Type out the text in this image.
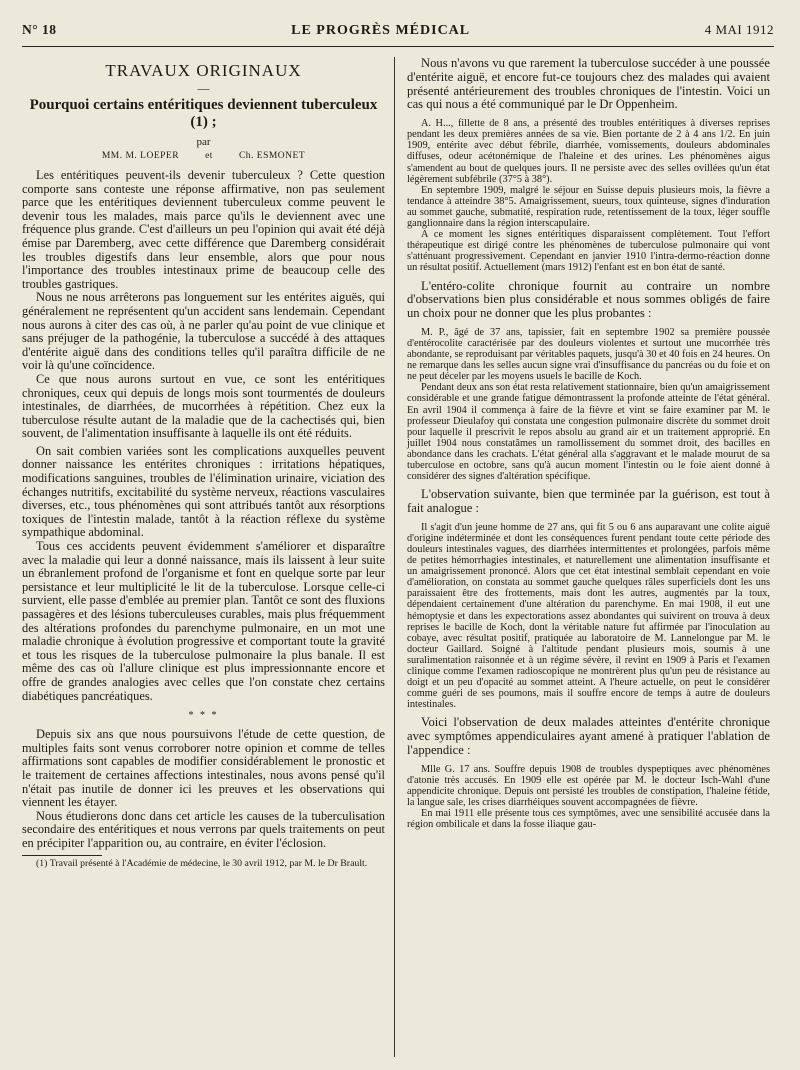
N° 18	LE PROGRÈS MÉDICAL	4 MAI 1912
TRAVAUX ORIGINAUX
—
Pourquoi certains entéritiques deviennent tuberculeux (1) ;
par
MM. M. LOEPER	et	Ch. ESMONET

Les entéritiques peuvent-ils devenir tuberculeux ? Cette question comporte sans conteste une réponse affirmative, non pas seulement parce que les entéritiques deviennent tuberculeux comme peuvent le devenir tous les malades, mais parce qu'ils le deviennent avec une fréquence plus grande. C'est d'ailleurs un peu l'opinion qui avait été déjà émise par Daremberg, avec cette différence que Daremberg considérait les troubles digestifs dans leur ensemble, alors que pour nous l'importance des troubles intestinaux prime de beaucoup celle des troubles gastriques.

Nous ne nous arrêterons pas longuement sur les entérites aiguës, qui généralement ne représentent qu'un accident sans lendemain. Cependant nous aurons à citer des cas où, à ne parler qu'au point de vue clinique et sans préjuger de la pathogénie, la tuberculose a succédé à des attaques d'entérite aiguë dans des conditions telles qu'il paraîtra difficile de ne voir là qu'une coïncidence.

Ce que nous aurons surtout en vue, ce sont les entéritiques chroniques, ceux qui depuis de longs mois sont tourmentés de douleurs intestinales, de diarrhées, de mucorrhées à répétition. Chez eux la tuberculose résulte autant de la maladie que de la cachectisés qui, bien souvent, de l'alimentation insuffisante à laquelle ils ont été réduits.

On sait combien variées sont les complications auxquelles peuvent donner naissance les entérites chroniques : irritations hépatiques, modifications sanguines, troubles de l'élimination urinaire, viciation des échanges nutritifs, excitabilité du système nerveux, réactions vasculaires diverses, etc., tous phénomènes qui sont attribués tantôt aux résorptions toxiques de l'intestin malade, tantôt à la réaction réflexe du système sympathique abdominal.

Tous ces accidents peuvent évidemment s'améliorer et disparaître avec la maladie qui leur a donné naissance, mais ils laissent à leur suite un ébranlement profond de l'organisme et font en quelque sorte par leur persistance et leur multiplicité le lit de la tuberculose. Lorsque celle-ci survient, elle passe d'emblée au premier plan. Tantôt ce sont des fluxions passagères et des lésions tuberculeuses curables, mais plus fréquemment des altérations profondes du parenchyme pulmonaire, en un mot une maladie chronique à évolution progressive et comportant toute la gravité et tous les risques de la tuberculose pulmonaire la plus banale. Il est même des cas où l'allure clinique est plus impressionnante encore et offre de grandes analogies avec celles que l'on constate chez certains diabétiques pancréatiques.

* * *

Depuis six ans que nous poursuivons l'étude de cette question, de multiples faits sont venus corroborer notre opinion et comme de telles affirmations sont capables de modifier considérablement le pronostic et le traitement de certaines affections intestinales, nous avons pensé qu'il n'était pas inutile de donner ici les preuves et les observations qui viennent les étayer.

Nous étudierons donc dans cet article les causes de la tuberculisation secondaire des entéritiques et nous verrons par quels traitements on peut en précipiter l'apparition ou, au contraire, en éviter l'éclosion.

(1) Travail présenté à l'Académie de médecine, le 30 avril 1912, par M. le Dr Brault.

Nous n'avons vu que rarement la tuberculose succéder à une poussée d'entérite aiguë, et encore fut-ce toujours chez des malades qui avaient présenté antérieurement des troubles chroniques de l'intestin. Voici un cas qui nous a été communiqué par le Dr Oppenheim.

A. H..., fillette de 8 ans, a présenté des troubles entéritiques à diverses reprises pendant les deux premières années de sa vie. Bien portante de 2 à 4 ans 1/2. En juin 1909, entérite avec début fébrile, diarrhée, vomissements, douleurs abdominales diffuses, odeur acétonémique de l'haleine et des urines. Les phénomènes aigus s'amendent au bout de quelques jours. Il ne persiste avec des selles ovillées qu'un état légèrement subfébrile (37°5 à 38°).

En septembre 1909, malgré le séjour en Suisse depuis plusieurs mois, la fièvre a tendance à atteindre 38°5. Amaigrissement, sueurs, toux quinteuse, signes d'induration au sommet gauche, submatité, respiration rude, retentissement de la toux, léger souffle ganglionnaire dans la région interscapulaire.

A ce moment les signes entéritiques disparaissent complètement. Tout l'effort thérapeutique est dirigé contre les phénomènes de tuberculose pulmonaire qui vont s'atténuant progressivement. Cependant en janvier 1910 l'intra-dermo-réaction donne un résultat positif. Actuellement (mars 1912) l'enfant est en bon état de santé.

L'entéro-colite chronique fournit au contraire un nombre d'observations bien plus considérable et nous sommes obligés de faire un choix pour ne donner que les plus probantes :

M. P., âgé de 37 ans, tapissier, fait en septembre 1902 sa première poussée d'entérocolite caractérisée par des douleurs violentes et surtout une mucorrhée très abondante, se reproduisant par véritables paquets, jusqu'à 30 et 40 fois en 24 heures. On ne remarque dans les selles aucun signe vrai d'insuffisance du pancréas ou du foie et on ne peut déceler par les moyens usuels le bacille de Koch.

Pendant deux ans son état resta relativement stationnaire, bien qu'un amaigrissement considérable et une grande fatigue démontrassent la profonde atteinte de l'état général. En avril 1904 il commença à faire de la fièvre et vint se faire examiner par M. le professeur Dieulafoy qui constata une congestion pulmonaire discrète du sommet droit pour laquelle il prescrivit le repos absolu au grand air et un traitement approprié. En juillet 1904 nous constatâmes un ramollissement du sommet droit, des bacilles en abondance dans les crachats. L'état général alla s'aggravant et le malade mourut de sa tuberculose en octobre, sans qu'à aucun moment l'intestin ou le foie aient donné à considérer des signes d'altération spécifique.

L'observation suivante, bien que terminée par la guérison, est tout à fait analogue :

Il s'agit d'un jeune homme de 27 ans, qui fit 5 ou 6 ans auparavant une colite aiguë d'origine indéterminée et dont les conséquences furent pendant toute cette période des douleurs intestinales vagues, des diarrhées intermittentes et prolongées, parfois même de petites hémorrhagies intestinales, et naturellement une alimentation insuffisante et un amaigrissement prononcé. Alors que cet état intestinal semblait cependant en voie d'amélioration, on constata au sommet gauche quelques râles superficiels dont les uns paraissaient être des frottements, mais dont les autres, augmentés par la toux, dépendaient certainement d'une altération du parenchyme. En mai 1908, il eut une hémoptysie et dans les expectorations assez abondantes qui suivirent on trouva à deux reprises le bacille de Koch, dont la véritable nature fut affirmée par l'inoculation au cobaye, avec résultat positif, pratiquée au laboratoire de M. Lannelongue par M. le docteur Gaillard. Soigné à l'altitude pendant plusieurs mois, soumis à une suralimentation raisonnée et à un régime sévère, il revint en 1909 à Paris et l'examen clinique comme l'examen radioscopique ne montrèrent plus qu'un peu de résistance au doigt et un peu d'opacité au sommet atteint. A l'heure actuelle, on peut le considérer comme guéri de ses poumons, mais il souffre encore de temps à autre de douleurs intestinales.

Voici l'observation de deux malades atteintes d'entérite chronique avec symptômes appendiculaires ayant amené à pratiquer l'ablation de l'appendice :

Mlle G. 17 ans. Souffre depuis 1908 de troubles dyspeptiques avec phénomènes d'atonie très accusés. En 1909 elle est opérée par M. le docteur Isch-Wahl d'une appendicite chronique. Depuis ont persisté les troubles de constipation, l'haleine fétide, la langue sale, les crises diarrhéiques souvent accompagnées de fièvre.

En mai 1911 elle présente tous ces symptômes, avec une sensibilité accusée dans la région ombilicale et dans la fosse iliaque gau-
